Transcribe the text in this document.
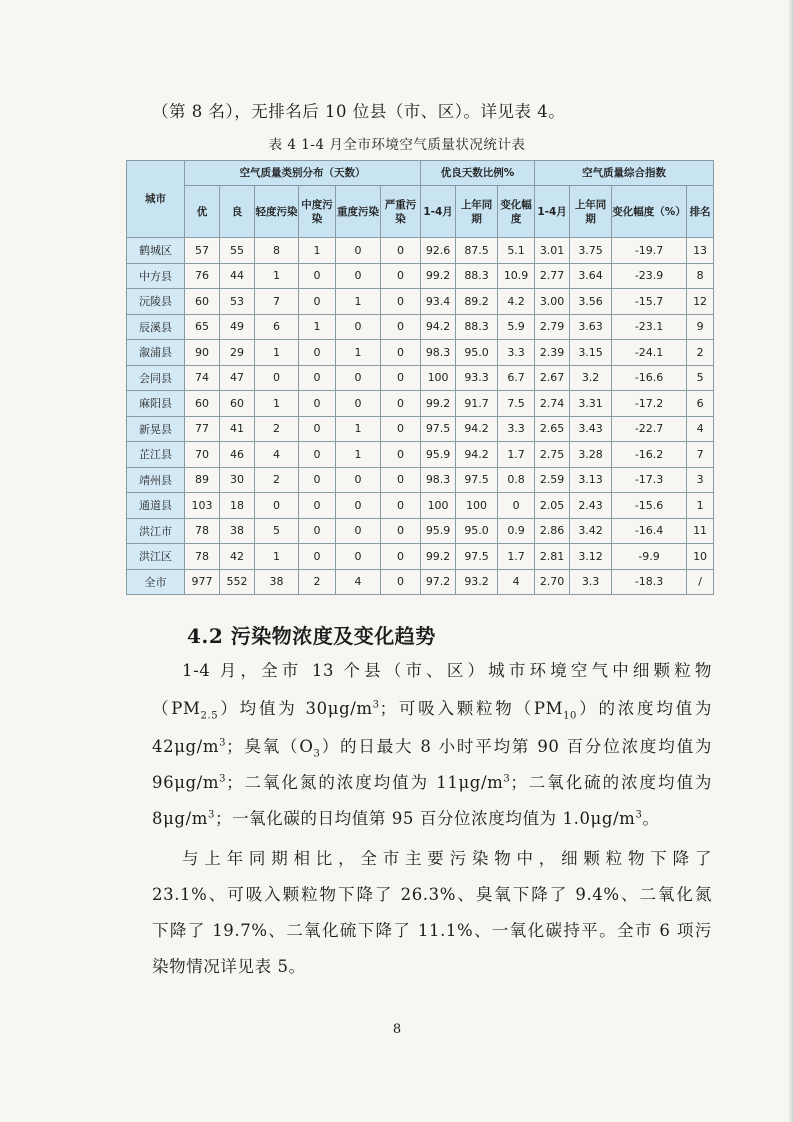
（第 8 名），无排名后 10 位县（市、区）。详见表 4。
表 4 1-4 月全市环境空气质量状况统计表
城市	空气质量类别分布（天数）						优良天数比例%			空气质量综合指数			
	优	良	轻度污染	中度污染	重度污染	严重污染	1-4月	上年同期	变化幅度	1-4月	上年同期	变化幅度（%）	排名
鹤城区	57	55	8	1	0	0	92.6	87.5	5.1	3.01	3.75	-19.7	13
中方县	76	44	1	0	0	0	99.2	88.3	10.9	2.77	3.64	-23.9	8
沅陵县	60	53	7	0	1	0	93.4	89.2	4.2	3.00	3.56	-15.7	12
辰溪县	65	49	6	1	0	0	94.2	88.3	5.9	2.79	3.63	-23.1	9
溆浦县	90	29	1	0	1	0	98.3	95.0	3.3	2.39	3.15	-24.1	2
会同县	74	47	0	0	0	0	100	93.3	6.7	2.67	3.2	-16.6	5
麻阳县	60	60	1	0	0	0	99.2	91.7	7.5	2.74	3.31	-17.2	6
新晃县	77	41	2	0	1	0	97.5	94.2	3.3	2.65	3.43	-22.7	4
芷江县	70	46	4	0	1	0	95.9	94.2	1.7	2.75	3.28	-16.2	7
靖州县	89	30	2	0	0	0	98.3	97.5	0.8	2.59	3.13	-17.3	3
通道县	103	18	0	0	0	0	100	100	0	2.05	2.43	-15.6	1
洪江市	78	38	5	0	0	0	95.9	95.0	0.9	2.86	3.42	-16.4	11
洪江区	78	42	1	0	0	0	99.2	97.5	1.7	2.81	3.12	-9.9	10
全市	977	552	38	2	4	0	97.2	93.2	4	2.70	3.3	-18.3	/
4.2 污染物浓度及变化趋势
1-4 月，全市 13 个县（市、区）城市环境空气中细颗粒物
$(PM_{2.5})$均值为 $30\mu g/m^3$；可吸入颗粒物$(PM_{10})$的浓度均值为
$42\mu g/m^3$；臭氧$(O_3)$的日最大 8 小时平均第 90 百分位浓度均值为
$96\mu g/m^3$；二氧化氮的浓度均值为 $11\mu g/m^3$；二氧化硫的浓度均值为
$8\mu g/m^3$；一氧化碳的日均值第 95 百分位浓度均值为 $1.0\mu g/m^3$。
与上年同期相比，全市主要污染物中，细颗粒物下降了
23.1%、可吸入颗粒物下降了 26.3%、臭氧下降了 9.4%、二氧化氮
下降了 19.7%、二氧化硫下降了 11.1%、一氧化碳持平。全市 6 项污
染物情况详见表 5。
8
